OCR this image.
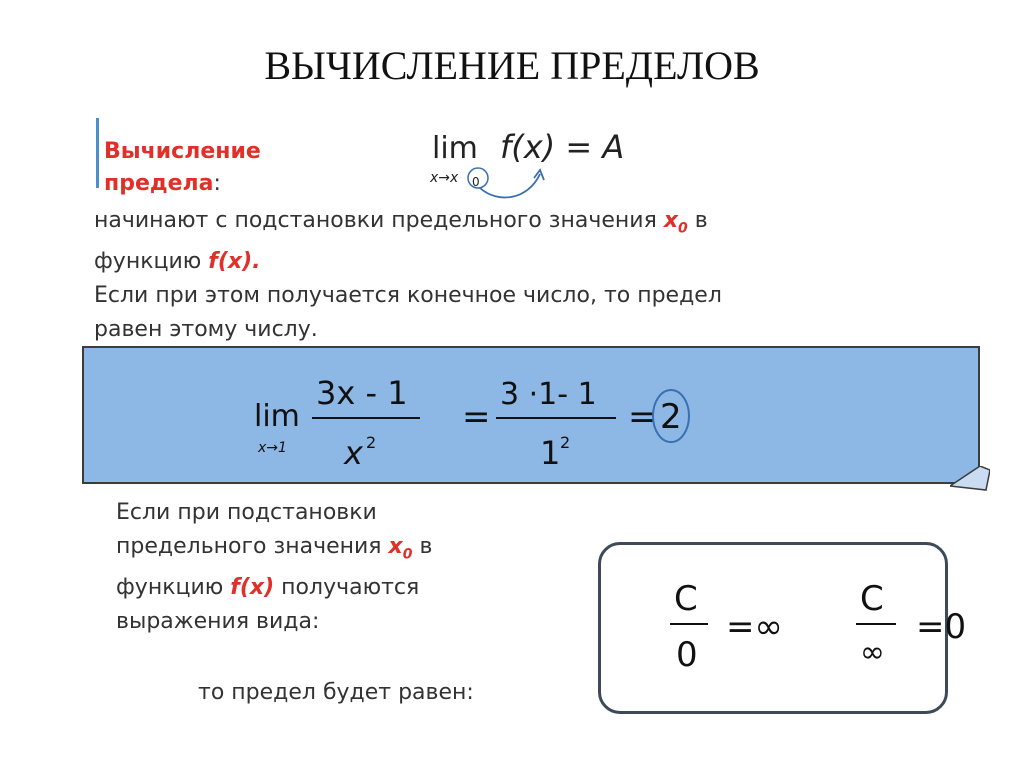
ВЫЧИСЛЕНИЕ ПРЕДЕЛОВ
Вычисление
предела:
lim f(x) = A
x→x 0
начинают с подстановки предельного значения $x_0$ в
функцию f(x).
Если при этом получается конечное число, то предел
равен этому числу.
lim
x→1
3x - 1
x 2
=
3 ·1- 1
1 2
= 2
Если при подстановки
предельного значения $x_0$ в
функцию f(x) получаются
выражения вида:
то предел будет равен:
C
0
=∞
C
∞
=0
